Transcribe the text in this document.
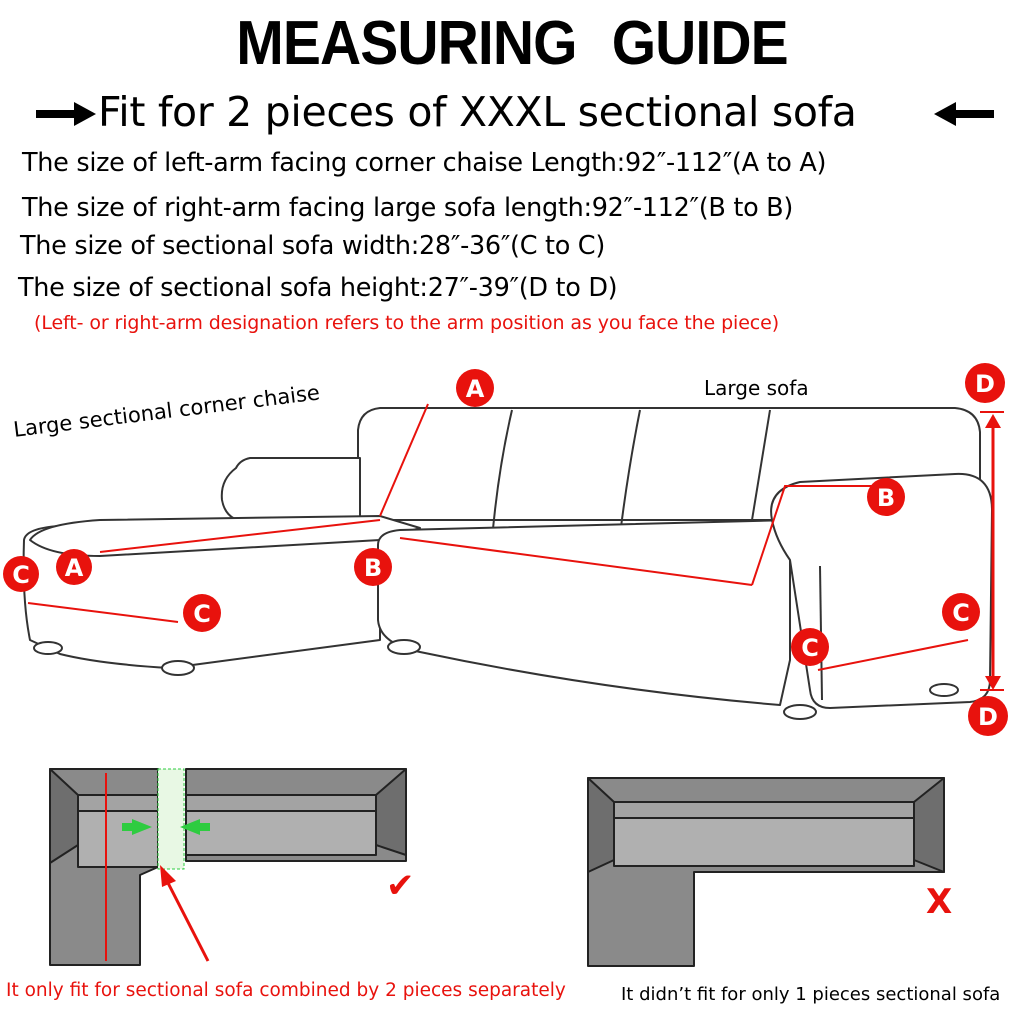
MEASURING GUIDE
Fit for 2 pieces of XXXL sectional sofa
The size of left-arm facing corner chaise Length:92″-112″(A to A)
The size of right-arm facing large sofa length:92″-112″(B to B)
The size of sectional sofa width:28″-36″(C to C)
The size of sectional sofa height:27″-39″(D to D)
(Left- or right-arm designation refers to the arm position as you face the piece)
A
A	B
B
C
C
C
C
D
D
Large sectional corner chaise	Large sofa
✔	X
It only fit for sectional sofa combined by 2 pieces separately	It didn’t fit for only 1 pieces sectional sofa
